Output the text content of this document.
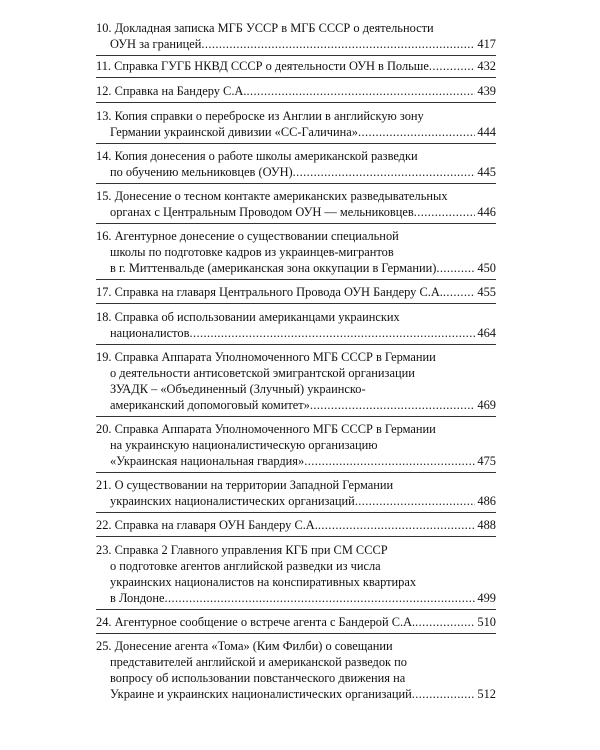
10. Докладная записка МГБ УССР в МГБ СССР о деятельности
ОУН за границей .....	417
11. Справка ГУГБ НКВД СССР о деятельности ОУН в Польше .....	432
12. Справка на Бандеру С.А. .....	439
13. Копия справки о переброске из Англии в английскую зону
Германии украинской дивизии «СС-Галичина» .....	444
14. Копия донесения о работе школы американской разведки
по обучению мельниковцев (ОУН) .....	445
15. Донесение о тесном контакте американских разведывательных
органах с Центральным Проводом ОУН — мельниковцев .....	446
16. Агентурное донесение о существовании специальной
школы по подготовке кадров из украинцев-мигрантов
в г. Миттенвальде (американская зона оккупации в Германии) .....	450
17. Справка на главаря Центрального Провода ОУН Бандеру С.А. .....	455
18. Справка об использовании американцами украинских
националистов .....	464
19. Справка Аппарата Уполномоченного МГБ СССР в Германии
о деятельности антисоветской эмигрантской организации
ЗУАДК – «Объединенный (Злучный) украинско-
американский допомоговый комитет» .....	469
20. Справка Аппарата Уполномоченного МГБ СССР в Германии
на украинскую националистическую организацию
«Украинская национальная гвардия» .....	475
21. О существовании на территории Западной Германии
украинских националистических организаций .....	486
22. Справка на главаря ОУН Бандеру С.А. .....	488
23. Справка 2 Главного управления КГБ при СМ СССР
о подготовке агентов английской разведки из числа
украинских националистов на конспиративных квартирах
в Лондоне .....	499
24. Агентурное сообщение о встрече агента с Бандерой С.А. .....	510
25. Донесение агента «Тома» (Ким Филби) о совещании
представителей английской и американской разведок по
вопросу об использовании повстанческого движения на
Украине и украинских националистических организаций .....	512
